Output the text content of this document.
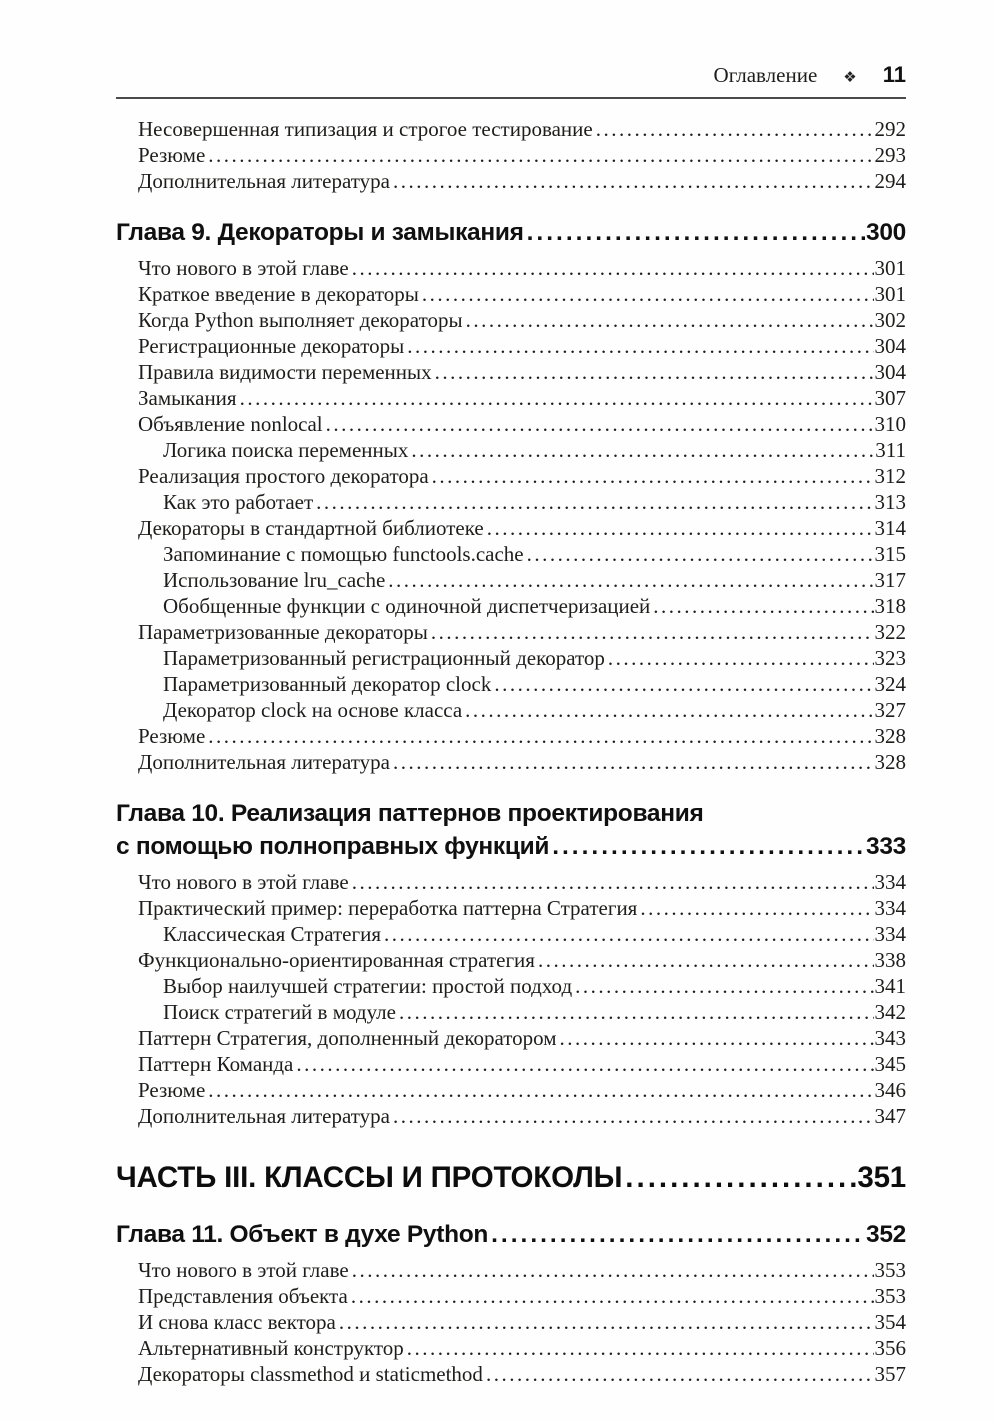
Оглавление ❖ 11
Несовершенная типизация и строгое тестирование .....	292
Резюме .....	293
Дополнительная литература .....	294
Глава 9. Декораторы и замыкания .....	300
Что нового в этой главе .....	301
Краткое введение в декораторы .....	301
Когда Python выполняет декораторы .....	302
Регистрационные декораторы .....	304
Правила видимости переменных .....	304
Замыкания .....	307
Объявление nonlocal .....	310
Логика поиска переменных .....	311
Реализация простого декоратора .....	312
Как это работает .....	313
Декораторы в стандартной библиотеке .....	314
Запоминание с помощью functools.cache .....	315
Использование lru_cache .....	317
Обобщенные функции с одиночной диспетчеризацией .....	318
Параметризованные декораторы .....	322
Параметризованный регистрационный декоратор .....	323
Параметризованный декоратор clock .....	324
Декоратор clock на основе класса .....	327
Резюме .....	328
Дополнительная литература .....	328
Глава 10. Реализация паттернов проектирования
с помощью полноправных функций .....	333
Что нового в этой главе .....	334
Практический пример: переработка паттерна Стратегия .....	334
Классическая Стратегия .....	334
Функционально-ориентированная стратегия .....	338
Выбор наилучшей стратегии: простой подход .....	341
Поиск стратегий в модуле .....	342
Паттерн Стратегия, дополненный декоратором .....	343
Паттерн Команда .....	345
Резюме .....	346
Дополнительная литература .....	347
ЧАСТЬ III. КЛАССЫ И ПРОТОКОЛЫ .....	351
Глава 11. Объект в духе Python .....	352
Что нового в этой главе .....	353
Представления объекта .....	353
И снова класс вектора .....	354
Альтернативный конструктор .....	356
Декораторы classmethod и staticmethod .....	357
